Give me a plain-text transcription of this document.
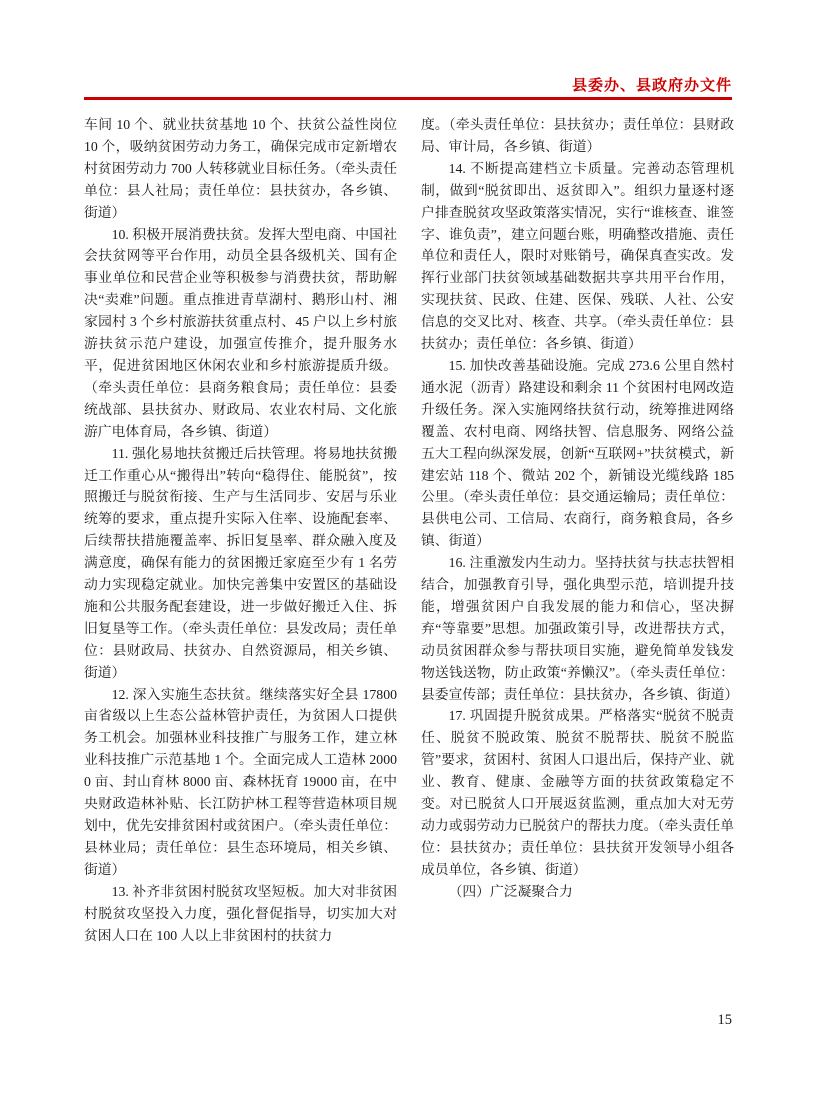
县委办、县政府办文件

车间 10 个、就业扶贫基地 10 个、扶贫公益性岗位 10 个，吸纳贫困劳动力务工，确保完成市定新增农村贫困劳动力 700 人转移就业目标任务。（牵头责任单位：县人社局；责任单位：县扶贫办，各乡镇、街道）

10. 积极开展消费扶贫。发挥大型电商、中国社会扶贫网等平台作用，动员全县各级机关、国有企事业单位和民营企业等积极参与消费扶贫，帮助解决“卖难”问题。重点推进青草湖村、鹅形山村、湘家园村 3 个乡村旅游扶贫重点村、45 户以上乡村旅游扶贫示范户建设，加强宣传推介，提升服务水平，促进贫困地区休闲农业和乡村旅游提质升级。（牵头责任单位：县商务粮食局；责任单位：县委统战部、县扶贫办、财政局、农业农村局、文化旅游广电体育局，各乡镇、街道）

11. 强化易地扶贫搬迁后扶管理。将易地扶贫搬迁工作重心从“搬得出”转向“稳得住、能脱贫”，按照搬迁与脱贫衔接、生产与生活同步、安居与乐业统筹的要求，重点提升实际入住率、设施配套率、后续帮扶措施覆盖率、拆旧复垦率、群众融入度及满意度，确保有能力的贫困搬迁家庭至少有 1 名劳动力实现稳定就业。加快完善集中安置区的基础设施和公共服务配套建设，进一步做好搬迁入住、拆旧复垦等工作。（牵头责任单位：县发改局；责任单位：县财政局、扶贫办、自然资源局，相关乡镇、街道）

12. 深入实施生态扶贫。继续落实好全县 17800 亩省级以上生态公益林管护责任，为贫困人口提供务工机会。加强林业科技推广与服务工作，建立林业科技推广示范基地 1 个。全面完成人工造林 20000 亩、封山育林 8000 亩、森林抚育 19000 亩，在中央财政造林补贴、长江防护林工程等营造林项目规划中，优先安排贫困村或贫困户。（牵头责任单位：县林业局；责任单位：县生态环境局，相关乡镇、街道）

13. 补齐非贫困村脱贫攻坚短板。加大对非贫困村脱贫攻坚投入力度，强化督促指导，切实加大对贫困人口在 100 人以上非贫困村的扶贫力

度。（牵头责任单位：县扶贫办；责任单位：县财政局、审计局，各乡镇、街道）

14. 不断提高建档立卡质量。完善动态管理机制，做到“脱贫即出、返贫即入”。组织力量逐村逐户排查脱贫攻坚政策落实情况，实行“谁核查、谁签字、谁负责”，建立问题台账，明确整改措施、责任单位和责任人，限时对账销号，确保真查实改。发挥行业部门扶贫领域基础数据共享共用平台作用，实现扶贫、民政、住建、医保、残联、人社、公安信息的交叉比对、核查、共享。（牵头责任单位：县扶贫办；责任单位：各乡镇、街道）

15. 加快改善基础设施。完成 273.6 公里自然村通水泥（沥青）路建设和剩余 11 个贫困村电网改造升级任务。深入实施网络扶贫行动，统筹推进网络覆盖、农村电商、网络扶智、信息服务、网络公益五大工程向纵深发展，创新“互联网+”扶贫模式，新建宏站 118 个、微站 202 个，新铺设光缆线路 185 公里。（牵头责任单位：县交通运输局；责任单位：县供电公司、工信局、农商行，商务粮食局，各乡镇、街道）

16. 注重激发内生动力。坚持扶贫与扶志扶智相结合，加强教育引导，强化典型示范，培训提升技能，增强贫困户自我发展的能力和信心，坚决摒弃“等靠要”思想。加强政策引导，改进帮扶方式，动员贫困群众参与帮扶项目实施，避免简单发钱发物送钱送物，防止政策“养懒汉”。（牵头责任单位：县委宣传部；责任单位：县扶贫办，各乡镇、街道）

17. 巩固提升脱贫成果。严格落实“脱贫不脱责任、脱贫不脱政策、脱贫不脱帮扶、脱贫不脱监管”要求，贫困村、贫困人口退出后，保持产业、就业、教育、健康、金融等方面的扶贫政策稳定不变。对已脱贫人口开展返贫监测，重点加大对无劳动力或弱劳动力已脱贫户的帮扶力度。（牵头责任单位：县扶贫办；责任单位：县扶贫开发领导小组各成员单位，各乡镇、街道）

（四）广泛凝聚合力

15
